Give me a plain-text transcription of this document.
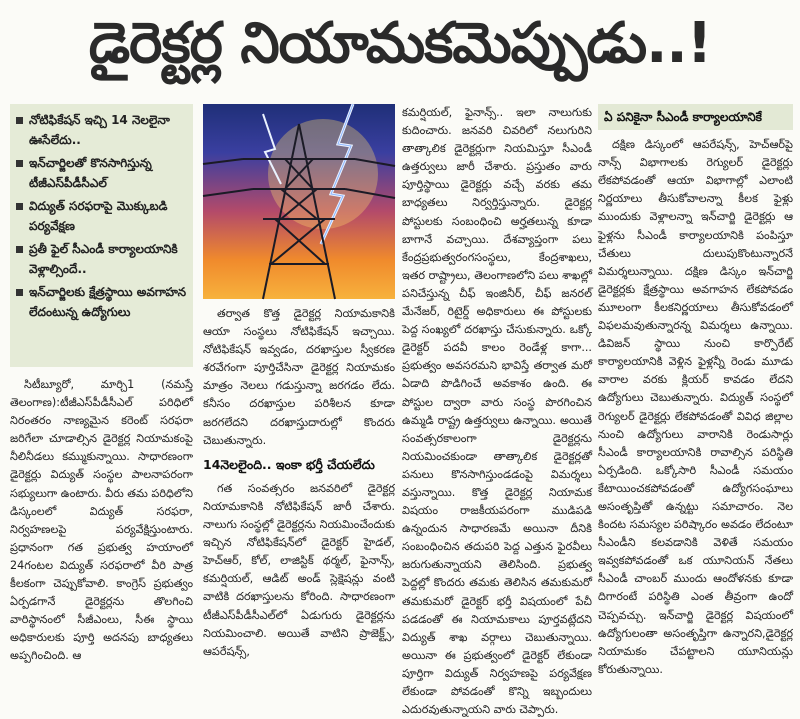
డైరెక్టర్ల నియామకమెప్పుడు..!
నోటిఫికేషన్ ఇచ్చి 14 నెలలైనా ఊసేలేదు..
ఇన్‌చార్జిలతో కొనసాగిస్తున్న టీజీఎస్‌పీడీసీఎల్
విద్యుత్ సరఫరాపై మొక్కుబడి పర్యవేక్షణ
ప్రతీ ఫైల్ సీఎండీ కార్యాలయానికి వెళ్లాల్సిందే..
ఇన్‌చార్జిలకు క్షేత్రస్థాయి అవగాహన లేదంటున్న ఉద్యోగులు

సిటీబ్యూరో, మార్చి1 (నమస్తే తెలంగాణ):టీజీఎస్‌పీడీసీఎల్ పరిధిలో నిరంతరం నాణ్యమైన కరెంట్ సరఫరా జరిగేలా చూడాల్సిన డైరెక్టర్ల నియామకంపై నీలినీడలు కమ్ముకున్నాయి. సాధారణంగా డైరెక్టర్లు విద్యుత్ సంస్థల పాలనాపరంగా సభ్యులుగా ఉంటారు. వీరు తమ పరిధిలోని డిస్కంలలో విద్యుత్ సరఫరా, నిర్వహణలపై పర్యవేక్షిస్తుంటారు. ప్రధానంగా గత ప్రభుత్వ హయాంలో 24గంటల విద్యుత్ సరఫరాలో వీరి పాత్ర కీలకంగా చెప్పుకోవాలి. కాంగ్రెస్ ప్రభుత్వం ఏర్పడగానే డైరెక్టర్లను తొలగించి వారిస్థానంలో సీజీఎంలు, సీఈ స్థాయి అధికారులకు పూర్తి అదనపు బాధ్యతలు అప్పగించింది. ఆ

తర్వాత కొత్త డైరెక్టర్ల నియామకానికి ఆయా సంస్థలు నోటిఫికేషన్ ఇచ్చాయి. నోటిఫికేషన్ ఇవ్వడం, దరఖాస్తుల స్వీకరణ శరవేగంగా పూర్తిచేసినా డైరెక్టర్ల నియామకం మాత్రం నెలలు గడుస్తున్నా జరగడం లేదు. కనీసం దరఖాస్తుల పరిశీలన కూడా జరగలేదని దరఖాస్తుదారుల్లో కొందరు చెబుతున్నారు.

14నెలలైంది.. ఇంకా భర్తీ చేయలేదు

గత సంవత్సరం జనవరిలో డైరెక్టర్ల నియామకానికి నోటిఫికేషన్ జారీ చేశారు. నాలుగు సంస్థల్లో డైరెక్టర్లను నియమించేందుకు ఇచ్చిన నోటిఫికేషన్‌లో డైరెక్టర్ హైడల్, హెచ్‌ఆర్, కోల్, లాజిస్టిక్ థర్మల్, ఫైనాన్స్, కమర్షియల్, ఆడిట్ అండ్ స్లెక్షెషన్లు వంటి వాటికి దరఖాస్తులను కోరింది. సాధారణంగా టీజీఎస్‌పీడీసీఎల్‌లో ఏడుగురు డైరెక్టర్లను నియమించాలి. అయితే వాటిని ప్రాజెక్ట్స్, ఆపరేషన్స్,

కమర్షియల్, ఫైనాన్స్.. ఇలా నాలుగుకు కుదించారు. జనవరి చివరిలో నలుగురిని తాత్కాలిక డైరెక్టర్లుగా నియమిస్తూ సీఎండీ ఉత్తర్వులు జారీ చేశారు. ప్రస్తుతం వారు పూర్తిస్థాయి డైరెక్టర్లు వచ్చే వరకు తమ బాధ్యతలు నిర్వర్తిస్తున్నారు. డైరెక్టర్ల పోస్టులకు సంబంధించి అర్హతలున్న కూడా బాగానే వచ్చాయి. దేశవ్యాప్తంగా పలు కేంద్రప్రభుత్వరంగసంస్థలు, కేంద్రశాఖలు, ఇతర రాష్ట్రాలు, తెలంగాణలోని పలు శాఖల్లో పనిచేస్తున్న చీఫ్ ఇంజినీర్, చీఫ్ జనరల్ మేనేజర్, రిటైర్డ్ అధికారులు ఈ పోస్టులకు పెద్ద సంఖ్యలో దరఖాస్తు చేసుకున్నారు. ఒక్కో డైరెక్టర్ పదవీ కాలం రెండేళ్ల కాగా... ప్రభుత్వం అవసరమని భావిస్తే తర్వాత మరో ఏడాది పొడిగించే అవకాశం ఉంది. ఈ పోస్టుల ద్వారా వారు సంస్థ పొరగించిన ఉమ్మడి రాష్ట్ర ఉత్తర్వులు ఉన్నాయి. అయితే సంవత్సరకాలంగా డైరెక్టర్లను నియమించకుండా తాత్కాలిక డైరెక్టర్లతో పనులు కొనసాగిస్తుండడంపై విమర్శలు వస్తున్నాయి. కొత్త డైరెక్టర్ల నియామక విషయం రాజకీయపరంగా ముడిపడి ఉన్నందున సాధారణమే అయినా దీనికి సంబంధించిన తదుపరి పెద్ద ఎత్తున ఫైరవీలు జరుగుతున్నాయని తెలిసింది. ప్రభుత్వ పెద్దల్లో కొందరు తమకు తెలిసిన తమకుమరో తమకుమరో డైరెక్టర్ భర్తీ విషయంలో పేచీ పడడంతో ఈ నియామకాలు పూర్తవట్లేదని విద్యుత్ శాఖ వర్గాలు చెబుతున్నాయి. అయినా ఈ ప్రభుత్వంలో డైరెక్టర్ లేకుండా పూర్తిగా విద్యుత్ నిర్వహణపై పర్యవేక్షణ లేకుండా పోవడంతో కొన్ని ఇబ్బందులు ఎదురవుతున్నాయని వారు చెప్పారు.

ఏ పనికైనా సీఎండీ కార్యాలయానికే

దక్షిణ డిస్కంలో ఆపరేషన్స్, హెచ్‌ఆర్‌పై నాన్స్ విభాగాలకు రెగ్యులర్ డైరెక్టర్లు లేకపోవడంతో ఆయా విభాగాల్లో ఎలాంటి నిర్ణయాలు తీసుకోవాలన్నా కీలక ఫైళ్లు ముందుకు వెళ్లాలన్నా ఇన్‌చార్జి డైరెక్టర్లు ఆ ఫైళ్లను సీఎండీ కార్యాలయానికి పంపిస్తూ చేతులు దులుపుకొంటున్నారనే విమర్శలున్నాయి. దక్షిణ డిస్కం ఇన్‌చార్జి డైరెక్టర్లకు క్షేత్రస్థాయి అవగాహన లేకపోవడం మూలంగా కీలకనిర్ణయాలు తీసుకోవడంలో విఫలమవుతున్నారన్న విమర్శలు ఉన్నాయి. డివిజన్ స్థాయి నుంచి కార్పొరేట్ కార్యాలయానికి వెళ్లిన ఫైళ్లన్నీ రెండు మూడు వారాల వరకు క్లియర్ కావడం లేదని ఉద్యోగులు చెబుతున్నారు. విద్యుత్ సంస్థలో రెగ్యులర్ డైరెక్టర్లు లేకపోవడంతో వివిధ జిల్లాల నుంచి ఉద్యోగులు వారానికి రెండుసార్లు సీఎండీ కార్యాలయానికి రావాల్సిన పరిస్థితి ఏర్పడింది. ఒక్కోసారి సీఎండీ సమయం కేటాయించకపోవడంతో ఉద్యోగసంఘాలు అసంతృప్తితో ఉన్నట్టు సమాచారం. నెల కిందట సమస్యల పరిష్కారం అవడం లేదంటూ సీఎండీని కలవడానికి వెళితే సమయం ఇవ్వకపోవడంతో ఒక యూనియన్ నేతలు సీఎండీ చాంబర్ ముందు ఆందోళనకు కూడా దిగారంటే పరిస్థితి ఎంత తీవ్రంగా ఉందో చెప్పవచ్చు. ఇన్‌చార్జి డైరెక్టర్ల విషయంలో ఉద్యోగులంతా అసంతృప్తిగా ఉన్నారని,డైరెక్టర్ల నియామకం చేపట్టాలని యూనియన్లు కోరుతున్నాయి.
